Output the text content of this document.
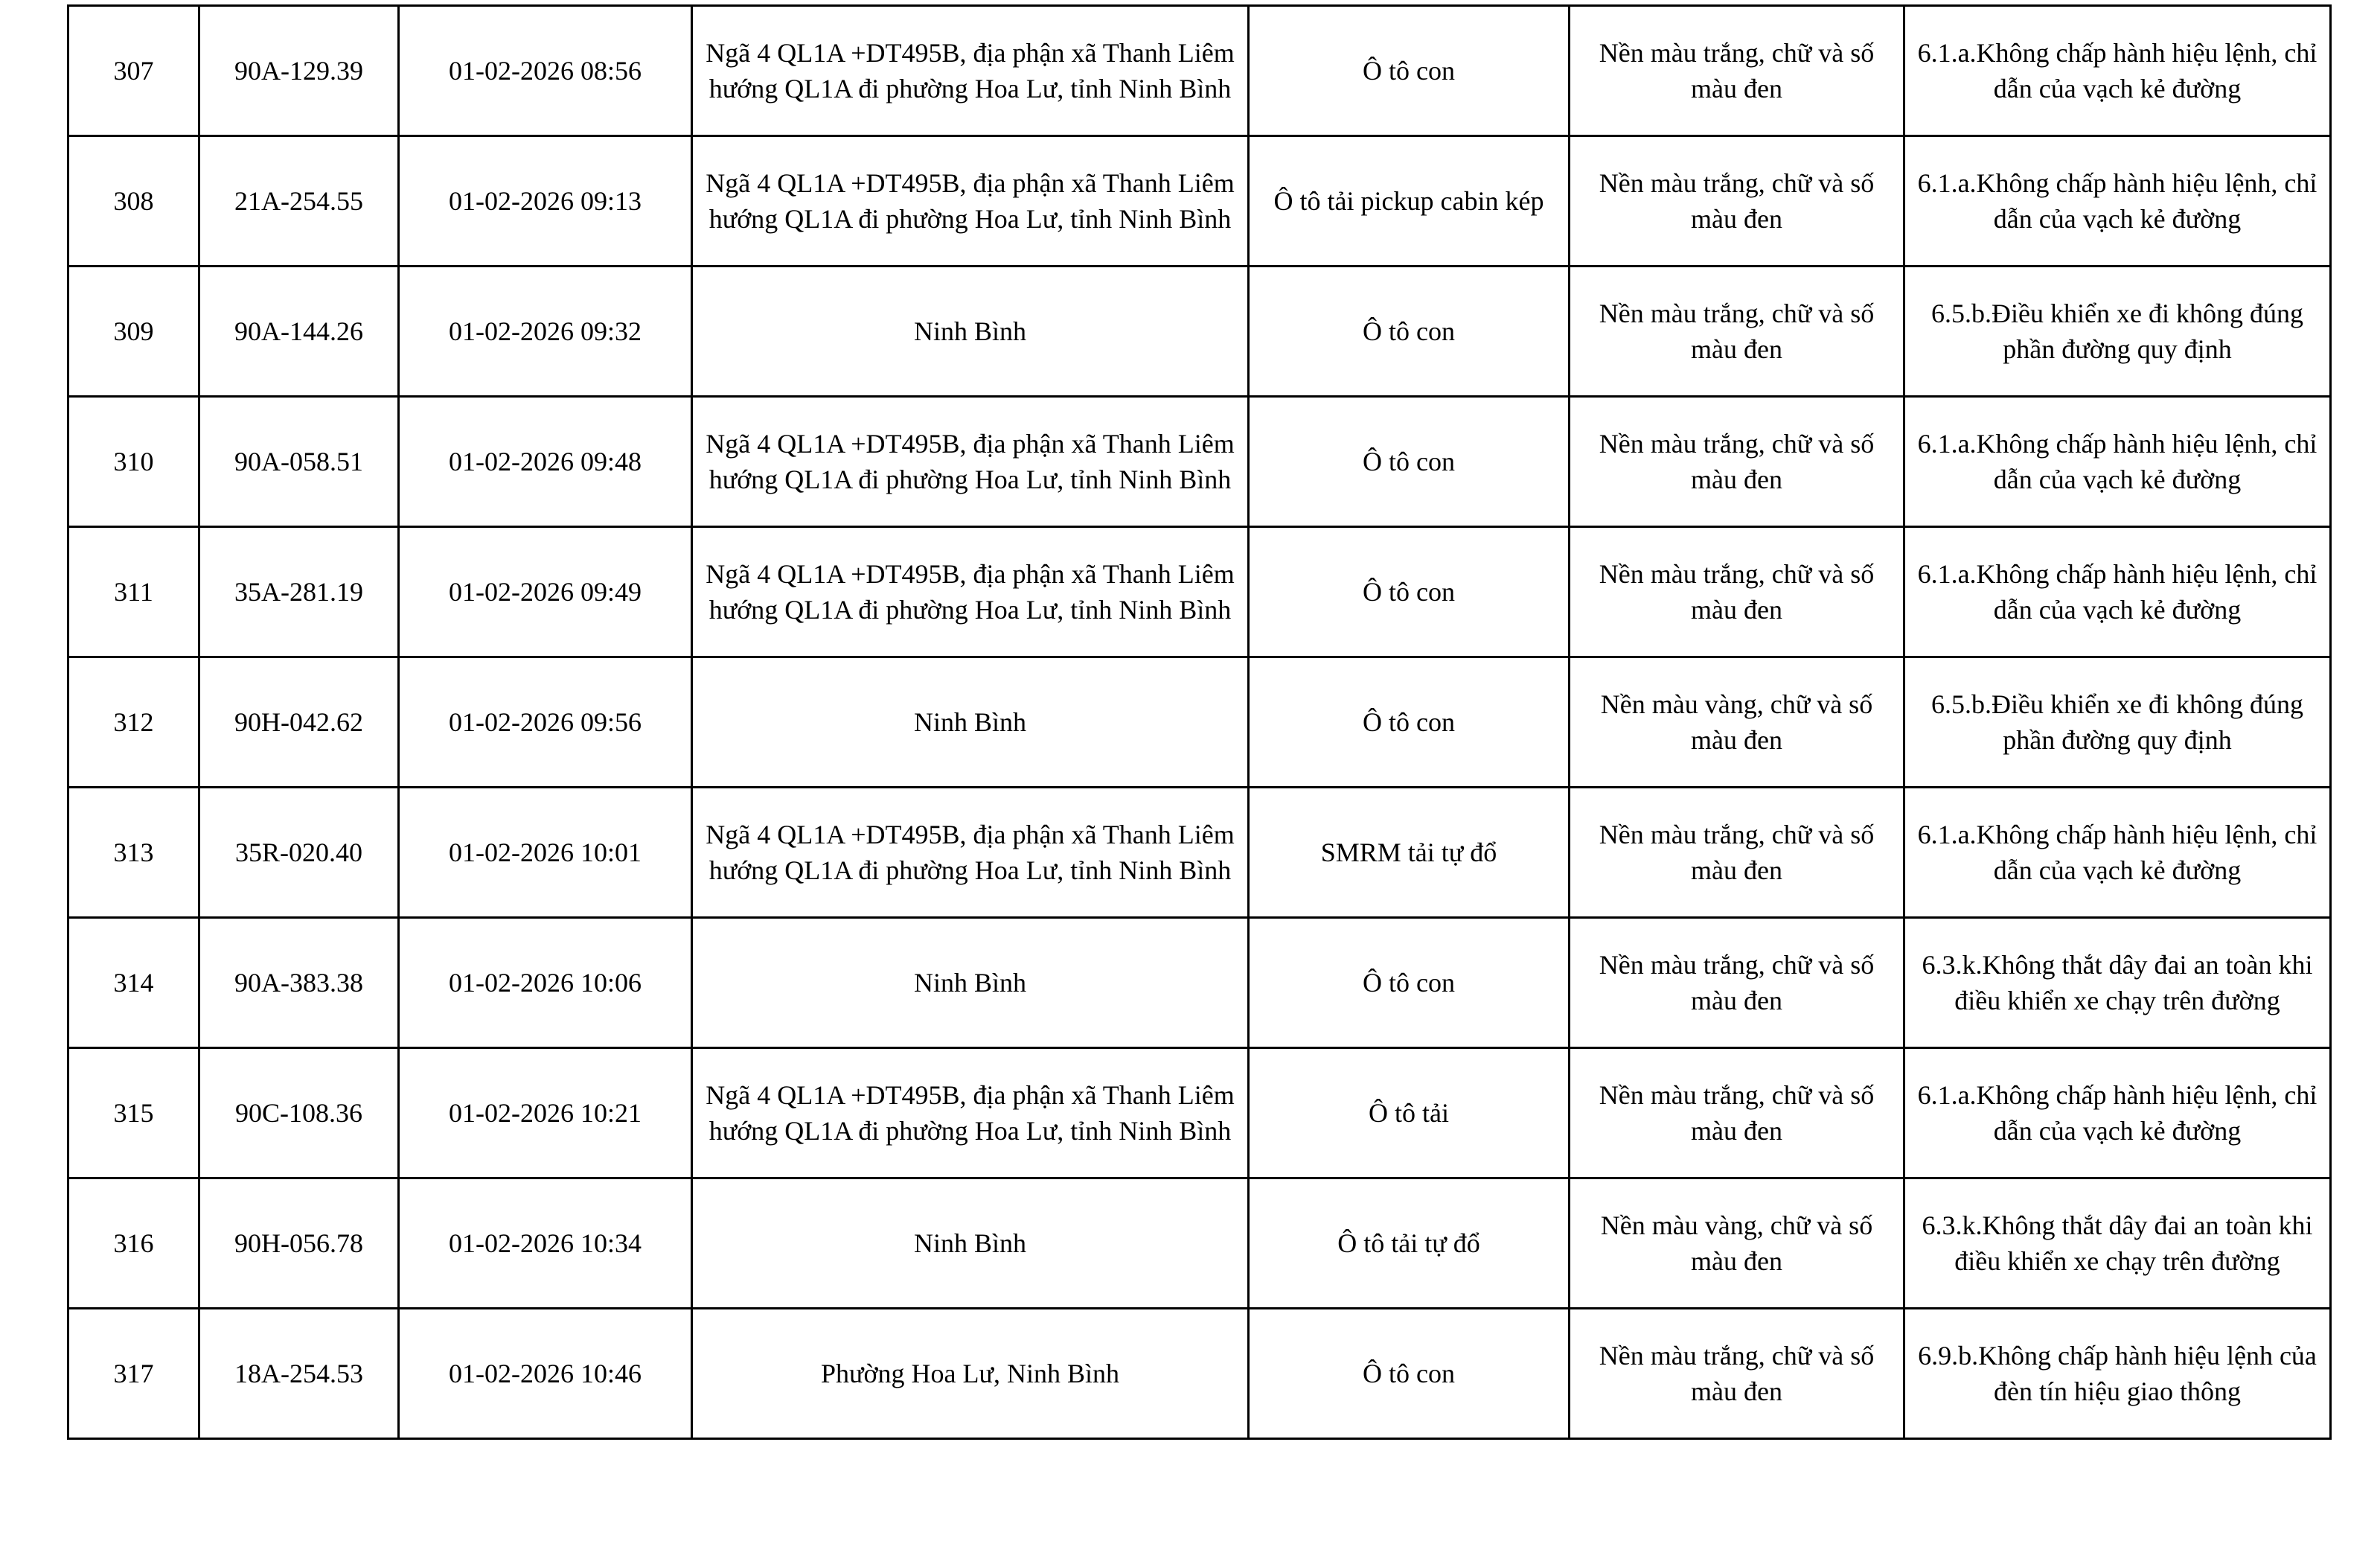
307	90A-129.39	01-02-2026 08:56	Ngã 4 QL1A +DT495B, địa phận xã Thanh Liêm hướng QL1A đi phường Hoa Lư, tỉnh Ninh Bình	Ô tô con	Nền màu trắng, chữ và số màu đen	6.1.a.Không chấp hành hiệu lệnh, chỉ dẫn của vạch kẻ đường
308	21A-254.55	01-02-2026 09:13	Ngã 4 QL1A +DT495B, địa phận xã Thanh Liêm hướng QL1A đi phường Hoa Lư, tỉnh Ninh Bình	Ô tô tải pickup cabin kép	Nền màu trắng, chữ và số màu đen	6.1.a.Không chấp hành hiệu lệnh, chỉ dẫn của vạch kẻ đường
309	90A-144.26	01-02-2026 09:32	Ninh Bình	Ô tô con	Nền màu trắng, chữ và số màu đen	6.5.b.Điều khiển xe đi không đúng phần đường quy định
310	90A-058.51	01-02-2026 09:48	Ngã 4 QL1A +DT495B, địa phận xã Thanh Liêm hướng QL1A đi phường Hoa Lư, tỉnh Ninh Bình	Ô tô con	Nền màu trắng, chữ và số màu đen	6.1.a.Không chấp hành hiệu lệnh, chỉ dẫn của vạch kẻ đường
311	35A-281.19	01-02-2026 09:49	Ngã 4 QL1A +DT495B, địa phận xã Thanh Liêm hướng QL1A đi phường Hoa Lư, tỉnh Ninh Bình	Ô tô con	Nền màu trắng, chữ và số màu đen	6.1.a.Không chấp hành hiệu lệnh, chỉ dẫn của vạch kẻ đường
312	90H-042.62	01-02-2026 09:56	Ninh Bình	Ô tô con	Nền màu vàng, chữ và số màu đen	6.5.b.Điều khiển xe đi không đúng phần đường quy định
313	35R-020.40	01-02-2026 10:01	Ngã 4 QL1A +DT495B, địa phận xã Thanh Liêm hướng QL1A đi phường Hoa Lư, tỉnh Ninh Bình	SMRM tải tự đổ	Nền màu trắng, chữ và số màu đen	6.1.a.Không chấp hành hiệu lệnh, chỉ dẫn của vạch kẻ đường
314	90A-383.38	01-02-2026 10:06	Ninh Bình	Ô tô con	Nền màu trắng, chữ và số màu đen	6.3.k.Không thắt dây đai an toàn khi điều khiển xe chạy trên đường
315	90C-108.36	01-02-2026 10:21	Ngã 4 QL1A +DT495B, địa phận xã Thanh Liêm hướng QL1A đi phường Hoa Lư, tỉnh Ninh Bình	Ô tô tải	Nền màu trắng, chữ và số màu đen	6.1.a.Không chấp hành hiệu lệnh, chỉ dẫn của vạch kẻ đường
316	90H-056.78	01-02-2026 10:34	Ninh Bình	Ô tô tải tự đổ	Nền màu vàng, chữ và số màu đen	6.3.k.Không thắt dây đai an toàn khi điều khiển xe chạy trên đường
317	18A-254.53	01-02-2026 10:46	Phường Hoa Lư, Ninh Bình	Ô tô con	Nền màu trắng, chữ và số màu đen	6.9.b.Không chấp hành hiệu lệnh của đèn tín hiệu giao thông
